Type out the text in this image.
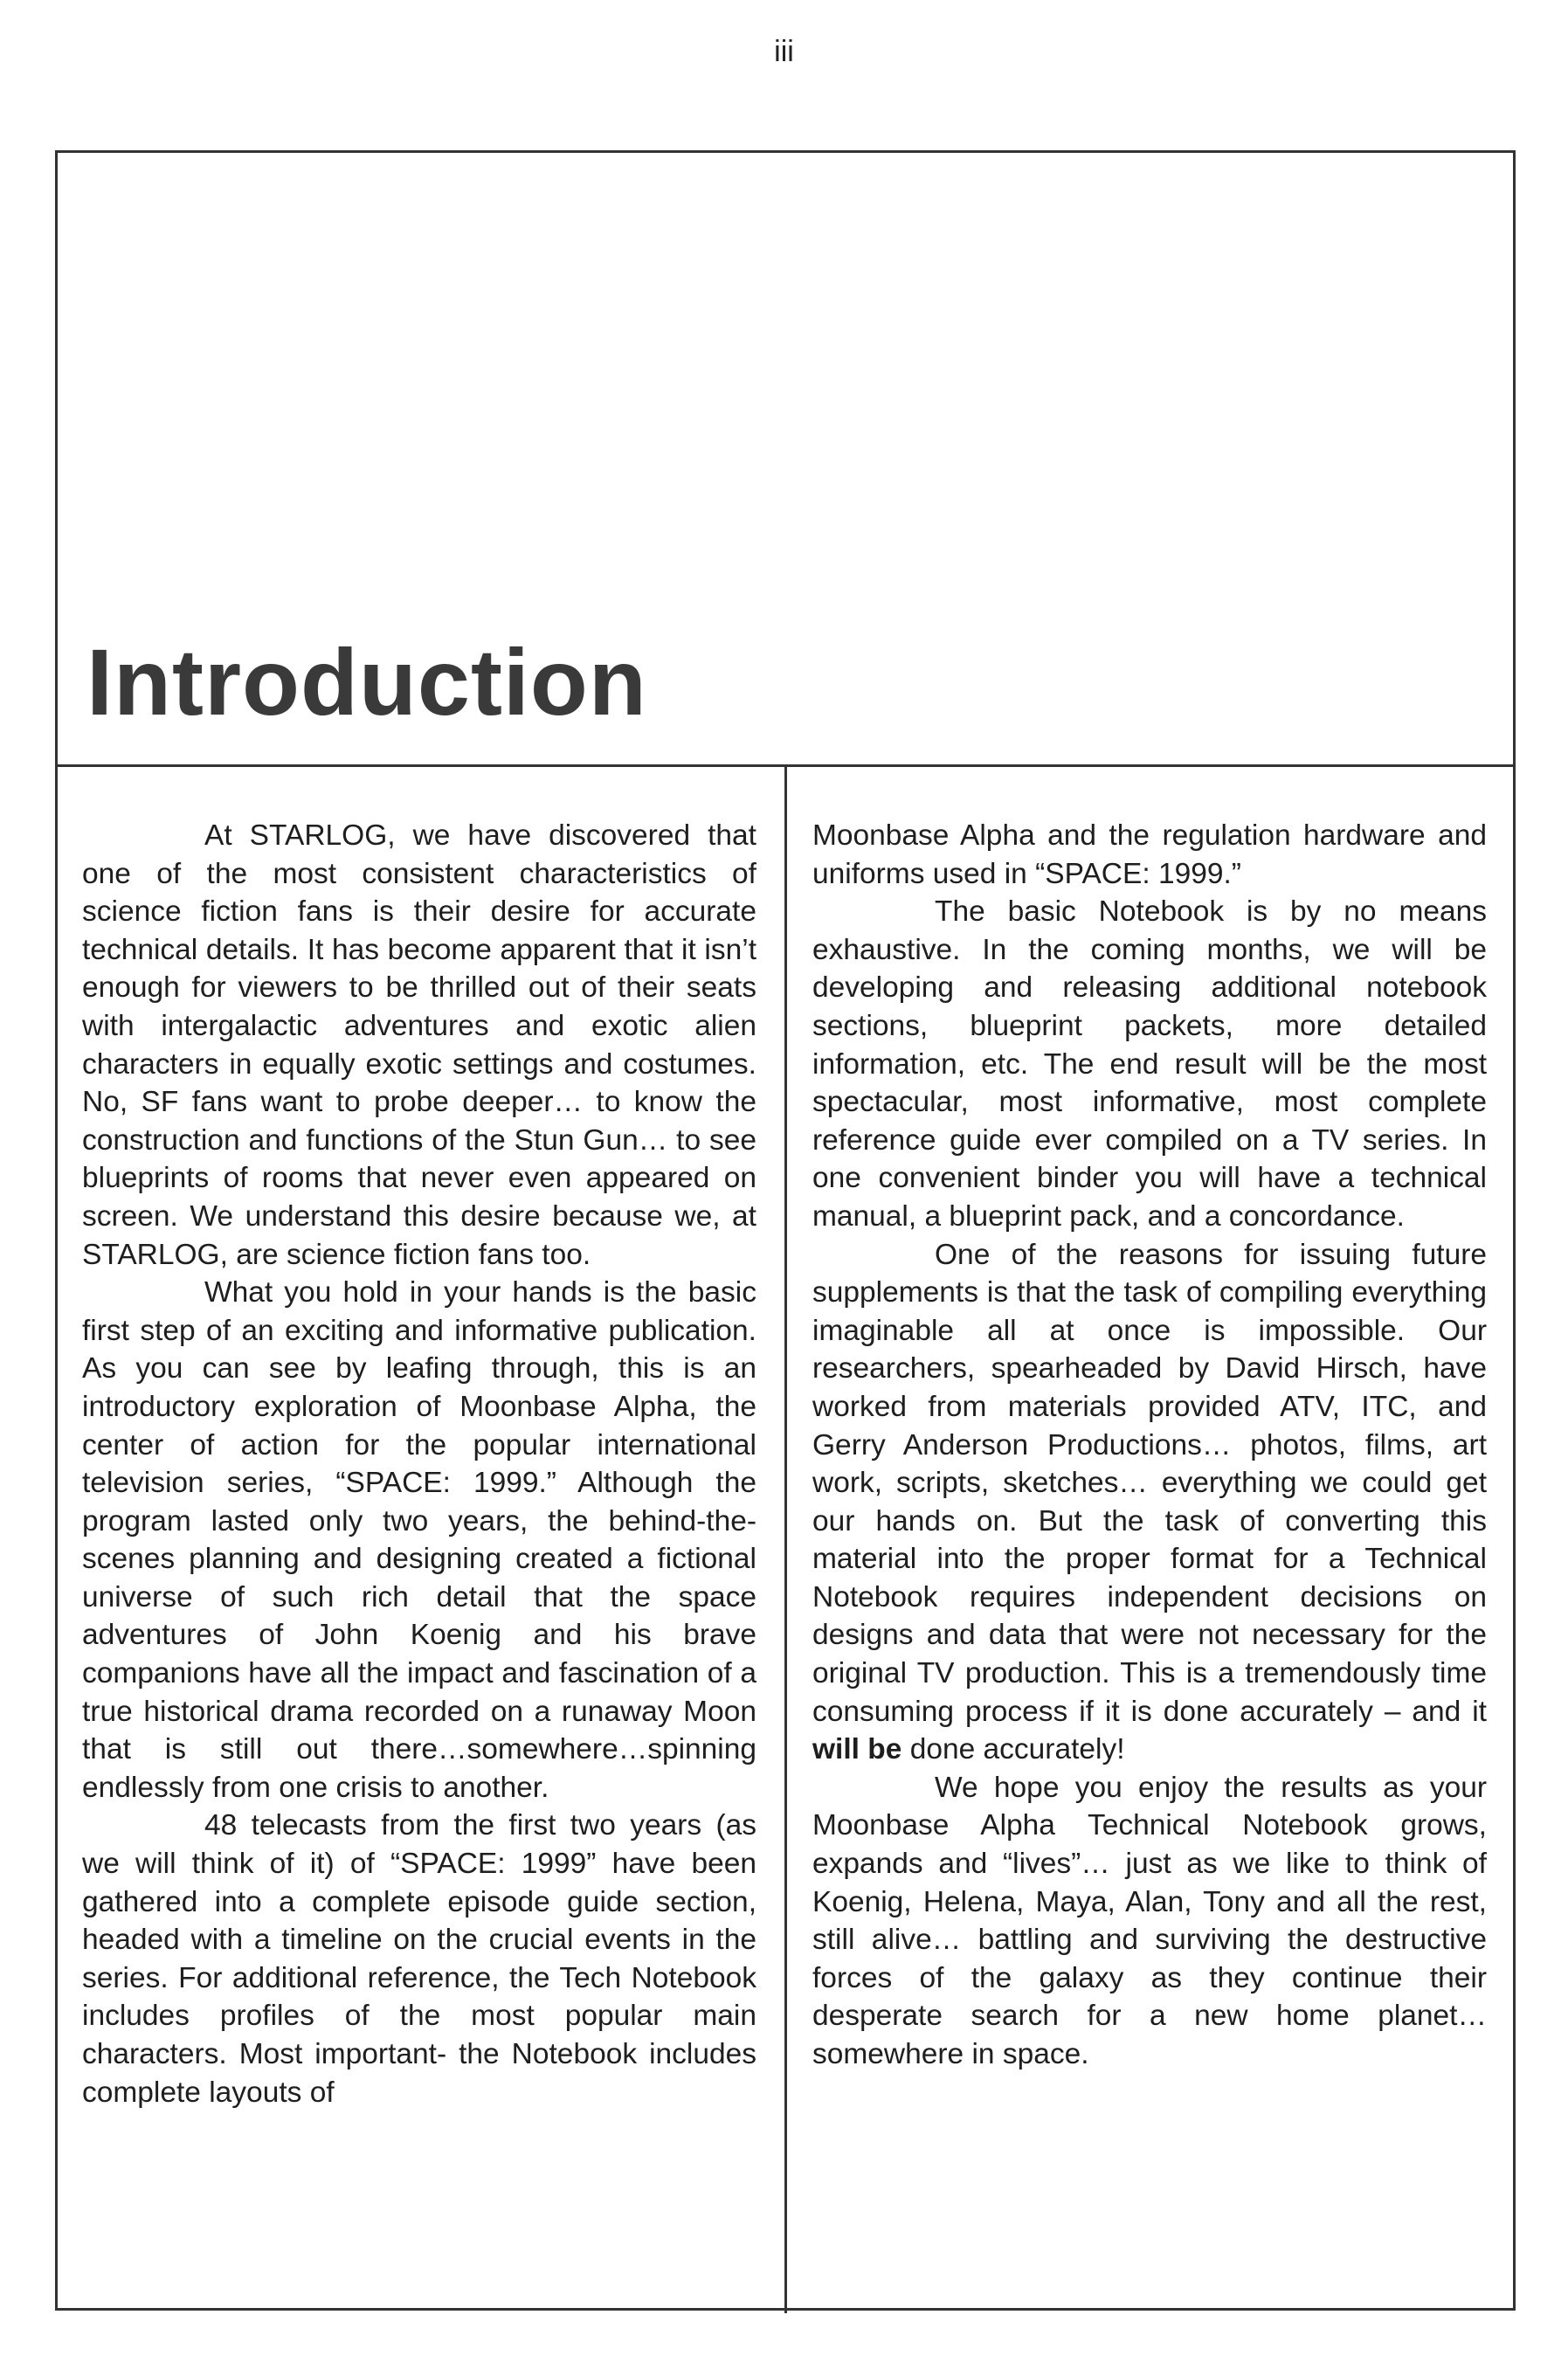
iii
Introduction

At STARLOG, we have discovered that one of the most consistent characteristics of science fiction fans is their desire for accurate technical details. It has become apparent that it isn’t enough for viewers to be thrilled out of their seats with intergalactic adventures and exotic alien characters in equally exotic settings and costumes. No, SF fans want to probe deeper… to know the construction and functions of the Stun Gun… to see blueprints of rooms that never even appeared on screen. We understand this desire because we, at STARLOG, are science fiction fans too.

What you hold in your hands is the basic first step of an exciting and informative publication. As you can see by leafing through, this is an introductory exploration of Moonbase Alpha, the center of action for the popular international television series, “SPACE: 1999.” Although the program lasted only two years, the behind-the-scenes planning and designing created a fictional universe of such rich detail that the space adventures of John Koenig and his brave companions have all the impact and fascination of a true historical drama recorded on a runaway Moon that is still out there…somewhere…spinning endlessly from one crisis to another.

48 telecasts from the first two years (as we will think of it) of “SPACE: 1999” have been gathered into a complete episode guide section, headed with a timeline on the crucial events in the series. For additional reference, the Tech Notebook includes profiles of the most popular main characters. Most important- the Notebook includes complete layouts of

Moonbase Alpha and the regulation hardware and uniforms used in “SPACE: 1999.”

The basic Notebook is by no means exhaustive. In the coming months, we will be developing and releasing additional notebook sections, blueprint packets, more detailed information, etc. The end result will be the most spectacular, most informative, most complete reference guide ever compiled on a TV series. In one convenient binder you will have a technical manual, a blueprint pack, and a concordance.

One of the reasons for issuing future supplements is that the task of compiling everything imaginable all at once is impossible. Our researchers, spearheaded by David Hirsch, have worked from materials provided ATV, ITC, and Gerry Anderson Productions… photos, films, art work, scripts, sketches… everything we could get our hands on. But the task of converting this material into the proper format for a Technical Notebook requires independent decisions on designs and data that were not necessary for the original TV production. This is a tremendously time consuming process if it is done accurately – and it will be done accurately!

We hope you enjoy the results as your Moonbase Alpha Technical Notebook grows, expands and “lives”… just as we like to think of Koenig, Helena, Maya, Alan, Tony and all the rest, still alive… battling and surviving the destructive forces of the galaxy as they continue their desperate search for a new home planet…somewhere in space.
